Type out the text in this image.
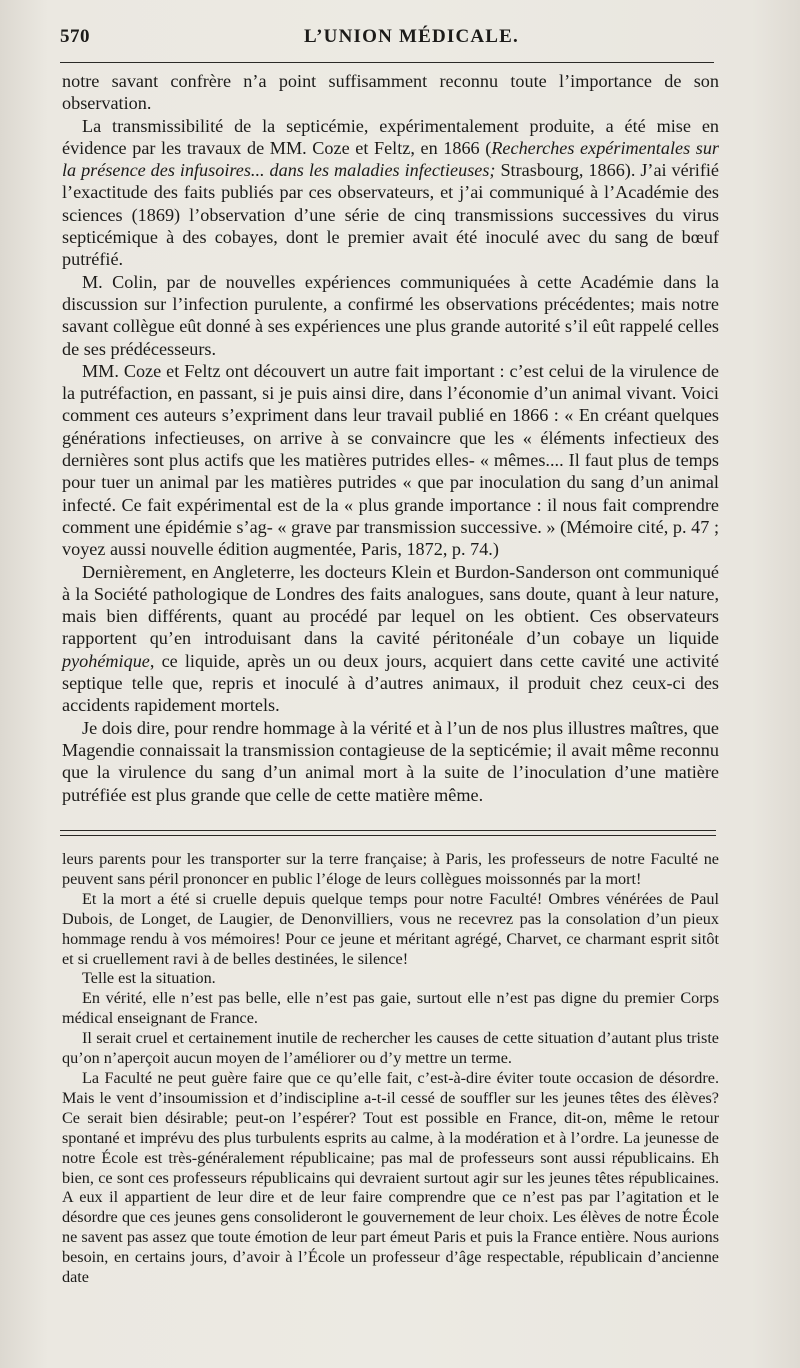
570	L’UNION MÉDICALE.

notre savant confrère n’a point suffisamment reconnu toute l’importance de son observation.

La transmissibilité de la septicémie, expérimentalement produite, a été mise en évidence par les travaux de MM. Coze et Feltz, en 1866 (Recherches expérimentales sur la présence des infusoires... dans les maladies infectieuses; Strasbourg, 1866). J’ai vérifié l’exactitude des faits publiés par ces observateurs, et j’ai communiqué à l’Académie des sciences (1869) l’observation d’une série de cinq transmissions successives du virus septicémique à des cobayes, dont le premier avait été inoculé avec du sang de bœuf putréfié.

M. Colin, par de nouvelles expériences communiquées à cette Académie dans la discussion sur l’infection purulente, a confirmé les observations précédentes; mais notre savant collègue eût donné à ses expériences une plus grande autorité s’il eût rappelé celles de ses prédécesseurs.

MM. Coze et Feltz ont découvert un autre fait important : c’est celui de la virulence de la putréfaction, en passant, si je puis ainsi dire, dans l’économie d’un animal vivant. Voici comment ces auteurs s’expriment dans leur travail publié en 1866 : « En créant quelques générations infectieuses, on arrive à se convaincre que les « éléments infectieux des dernières sont plus actifs que les matières putrides elles- « mêmes.... Il faut plus de temps pour tuer un animal par les matières putrides « que par inoculation du sang d’un animal infecté. Ce fait expérimental est de la « plus grande importance : il nous fait comprendre comment une épidémie s’ag- « grave par transmission successive. » (Mémoire cité, p. 47 ; voyez aussi nouvelle édition augmentée, Paris, 1872, p. 74.)

Dernièrement, en Angleterre, les docteurs Klein et Burdon-Sanderson ont communiqué à la Société pathologique de Londres des faits analogues, sans doute, quant à leur nature, mais bien différents, quant au procédé par lequel on les obtient. Ces observateurs rapportent qu’en introduisant dans la cavité péritonéale d’un cobaye un liquide pyohémique, ce liquide, après un ou deux jours, acquiert dans cette cavité une activité septique telle que, repris et inoculé à d’autres animaux, il produit chez ceux-ci des accidents rapidement mortels.

Je dois dire, pour rendre hommage à la vérité et à l’un de nos plus illustres maîtres, que Magendie connaissait la transmission contagieuse de la septicémie; il avait même reconnu que la virulence du sang d’un animal mort à la suite de l’inoculation d’une matière putréfiée est plus grande que celle de cette matière même.

leurs parents pour les transporter sur la terre française; à Paris, les professeurs de notre Faculté ne peuvent sans péril prononcer en public l’éloge de leurs collègues moissonnés par la mort!

Et la mort a été si cruelle depuis quelque temps pour notre Faculté! Ombres vénérées de Paul Dubois, de Longet, de Laugier, de Denonvilliers, vous ne recevrez pas la consolation d’un pieux hommage rendu à vos mémoires! Pour ce jeune et méritant agrégé, Charvet, ce charmant esprit sitôt et si cruellement ravi à de belles destinées, le silence!

Telle est la situation.

En vérité, elle n’est pas belle, elle n’est pas gaie, surtout elle n’est pas digne du premier Corps médical enseignant de France.

Il serait cruel et certainement inutile de rechercher les causes de cette situation d’autant plus triste qu’on n’aperçoit aucun moyen de l’améliorer ou d’y mettre un terme.

La Faculté ne peut guère faire que ce qu’elle fait, c’est-à-dire éviter toute occasion de désordre. Mais le vent d’insoumission et d’indiscipline a-t-il cessé de souffler sur les jeunes têtes des élèves? Ce serait bien désirable; peut-on l’espérer? Tout est possible en France, dit-on, même le retour spontané et imprévu des plus turbulents esprits au calme, à la modération et à l’ordre. La jeunesse de notre École est très-généralement républicaine; pas mal de professeurs sont aussi républicains. Eh bien, ce sont ces professeurs républicains qui devraient surtout agir sur les jeunes têtes républicaines. A eux il appartient de leur dire et de leur faire comprendre que ce n’est pas par l’agitation et le désordre que ces jeunes gens consolideront le gouvernement de leur choix. Les élèves de notre École ne savent pas assez que toute émotion de leur part émeut Paris et puis la France entière. Nous aurions besoin, en certains jours, d’avoir à l’École un professeur d’âge respectable, républicain d’ancienne date
